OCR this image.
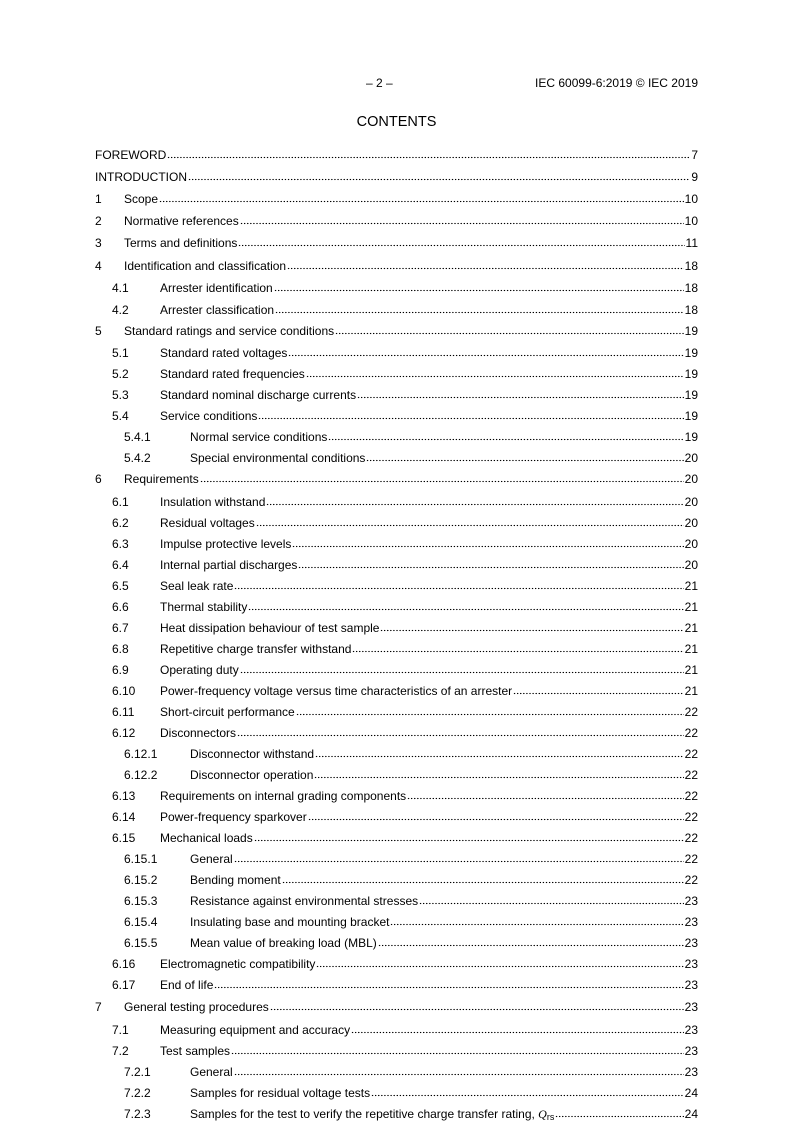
– 2 –	IEC 60099-6:2019 © IEC 2019
CONTENTS
FOREWORD	7
INTRODUCTION	9
1	Scope	10
2	Normative references	10
3	Terms and definitions	11
4	Identification and classification	18
4.1	Arrester identification	18
4.2	Arrester classification	18
5	Standard ratings and service conditions	19
5.1	Standard rated voltages	19
5.2	Standard rated frequencies	19
5.3	Standard nominal discharge currents	19
5.4	Service conditions	19
5.4.1	Normal service conditions	19
5.4.2	Special environmental conditions	20
6	Requirements	20
6.1	Insulation withstand	20
6.2	Residual voltages	20
6.3	Impulse protective levels	20
6.4	Internal partial discharges	20
6.5	Seal leak rate	21
6.6	Thermal stability	21
6.7	Heat dissipation behaviour of test sample	21
6.8	Repetitive charge transfer withstand	21
6.9	Operating duty	21
6.10	Power-frequency voltage versus time characteristics of an arrester	21
6.11	Short-circuit performance	22
6.12	Disconnectors	22
6.12.1	Disconnector withstand	22
6.12.2	Disconnector operation	22
6.13	Requirements on internal grading components	22
6.14	Power-frequency sparkover	22
6.15	Mechanical loads	22
6.15.1	General	22
6.15.2	Bending moment	22
6.15.3	Resistance against environmental stresses	23
6.15.4	Insulating base and mounting bracket	23
6.15.5	Mean value of breaking load (MBL)	23
6.16	Electromagnetic compatibility	23
6.17	End of life	23
7	General testing procedures	23
7.1	Measuring equipment and accuracy	23
7.2	Test samples	23
7.2.1	General	23
7.2.2	Samples for residual voltage tests	24
7.2.3	Samples for the test to verify the repetitive charge transfer rating, $Q_{rs}$	24
